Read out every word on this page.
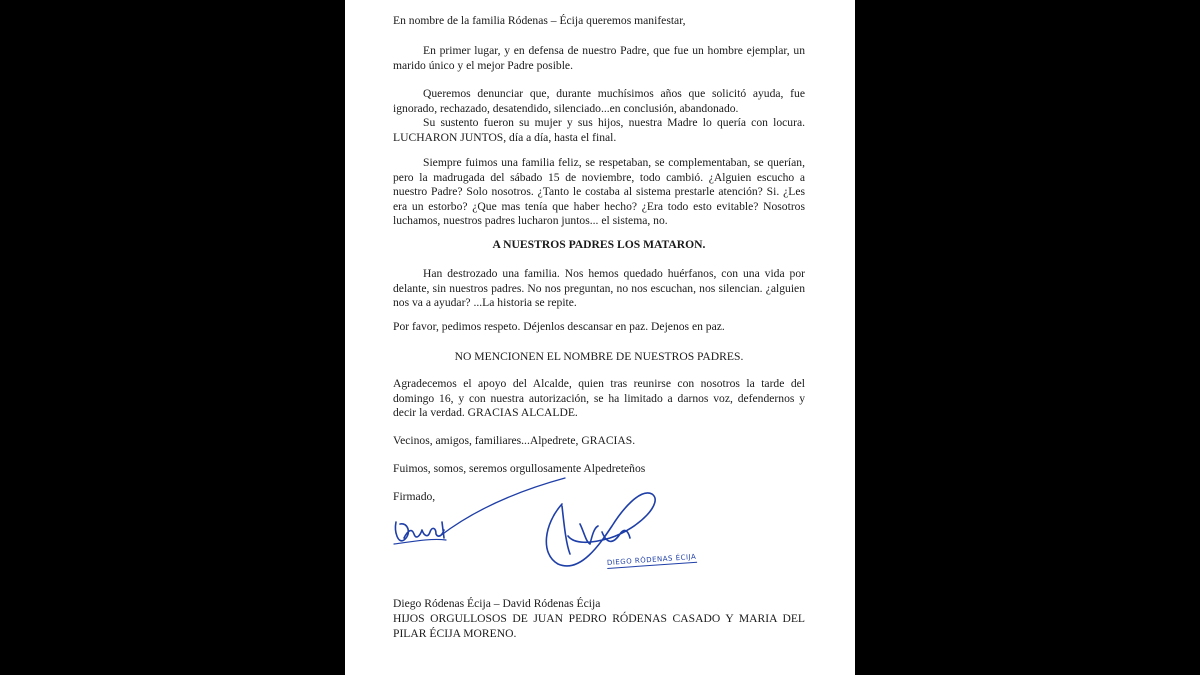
En nombre de la familia Ródenas – Écija queremos manifestar,

En primer lugar, y en defensa de nuestro Padre, que fue un hombre ejemplar, un marido único y el mejor Padre posible.

Queremos denunciar que, durante muchísimos años que solicitó ayuda, fue ignorado, rechazado, desatendido, silenciado...en conclusión, abandonado.

Su sustento fueron su mujer y sus hijos, nuestra Madre lo quería con locura. LUCHARON JUNTOS, día a día, hasta el final.

Siempre fuimos una familia feliz, se respetaban, se complementaban, se querían, pero la madrugada del sábado 15 de noviembre, todo cambió. ¿Alguien escucho a nuestro Padre? Solo nosotros. ¿Tanto le costaba al sistema prestarle atención? Si. ¿Les era un estorbo? ¿Que mas tenía que haber hecho? ¿Era todo esto evitable? Nosotros luchamos, nuestros padres lucharon juntos... el sistema, no.

A NUESTROS PADRES LOS MATARON.

Han destrozado una familia. Nos hemos quedado huérfanos, con una vida por delante, sin nuestros padres. No nos preguntan, no nos escuchan, nos silencian. ¿alguien nos va a ayudar? ...La historia se repite.

Por favor, pedimos respeto. Déjenlos descansar en paz. Dejenos en paz.

NO MENCIONEN EL NOMBRE DE NUESTROS PADRES.

Agradecemos el apoyo del Alcalde, quien tras reunirse con nosotros la tarde del domingo 16, y con nuestra autorización, se ha limitado a darnos voz, defendernos y decir la verdad. GRACIAS ALCALDE.

Vecinos, amigos, familiares...Alpedrete, GRACIAS.

Fuimos, somos, seremos orgullosamente Alpedreteños

Firmado,

DIEGO RÓDENAS ÉCIJA

Diego Ródenas Écija – David Ródenas Écija

HIJOS ORGULLOSOS DE JUAN PEDRO RÓDENAS CASADO Y MARIA DEL PILAR ÉCIJA MORENO.
